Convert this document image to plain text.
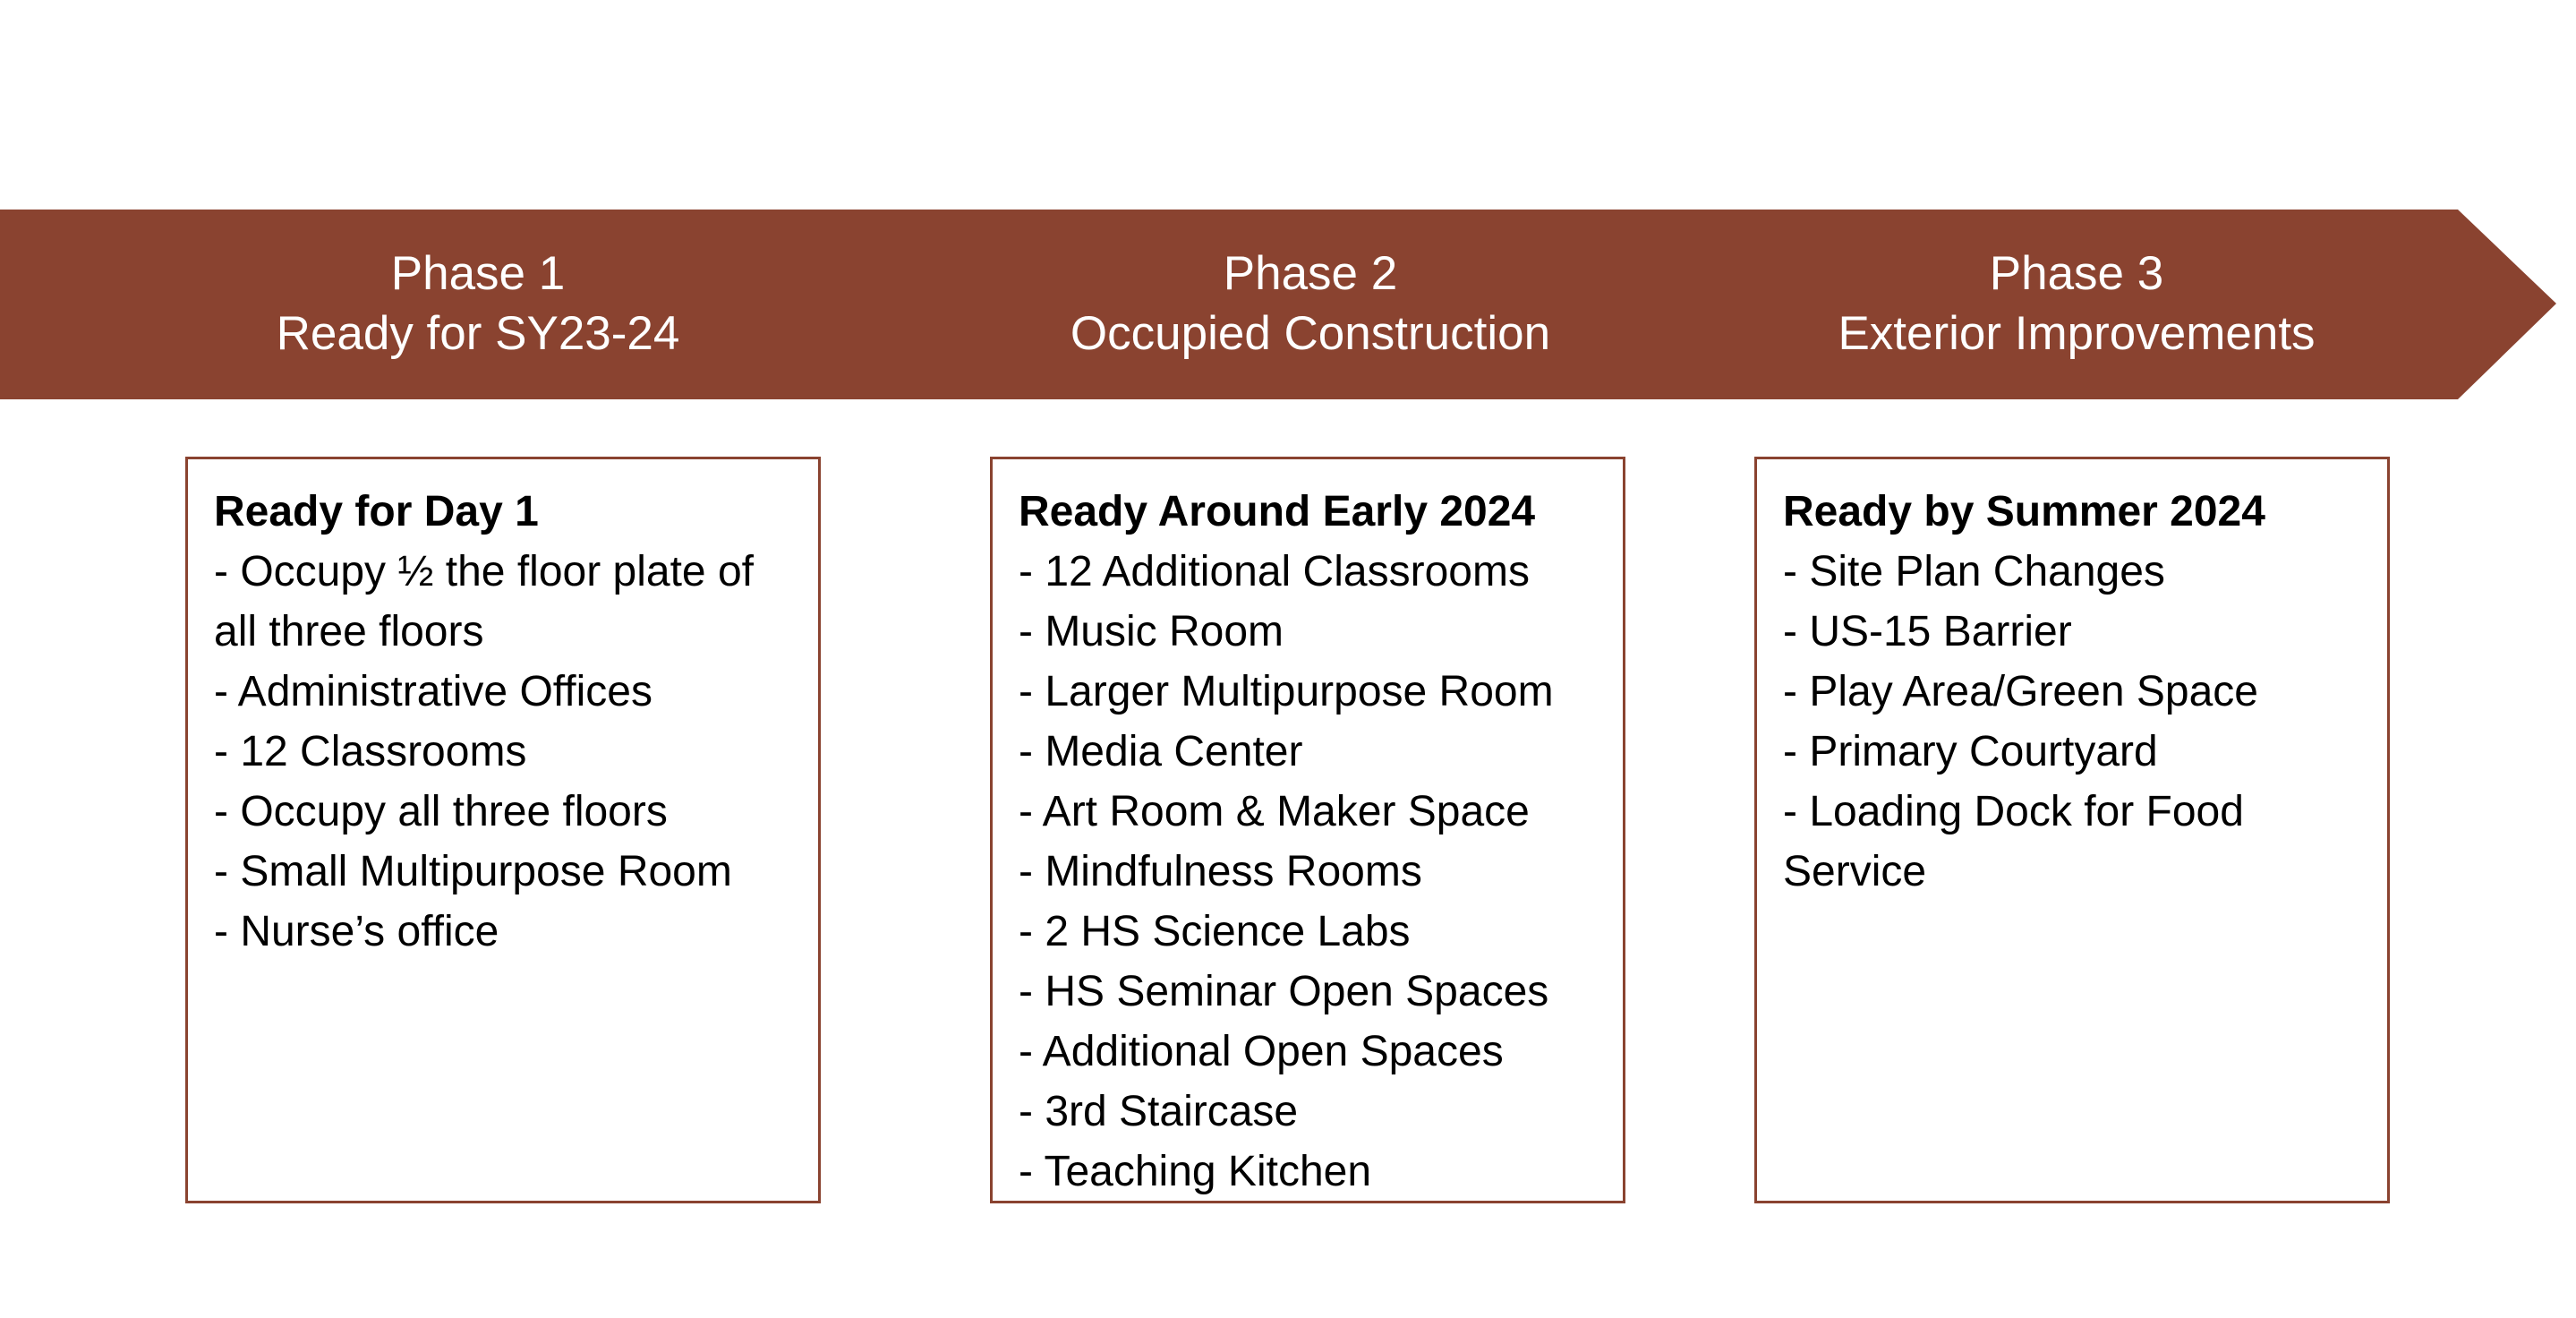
Phase 1
Ready for SY23-24
Phase 2
Occupied Construction
Phase 3
Exterior Improvements
Ready for Day 1
- Occupy ½ the floor plate of all three floors
- Administrative Offices
- 12 Classrooms
- Occupy all three floors
- Small Multipurpose Room
- Nurse’s office
Ready Around Early 2024
- 12 Additional Classrooms
- Music Room
- Larger Multipurpose Room
- Media Center
- Art Room & Maker Space
- Mindfulness Rooms
- 2 HS Science Labs
- HS Seminar Open Spaces
- Additional Open Spaces
- 3rd Staircase
- Teaching Kitchen
Ready by Summer 2024
- Site Plan Changes
- US-15 Barrier
- Play Area/Green Space
- Primary Courtyard
- Loading Dock for Food Service
